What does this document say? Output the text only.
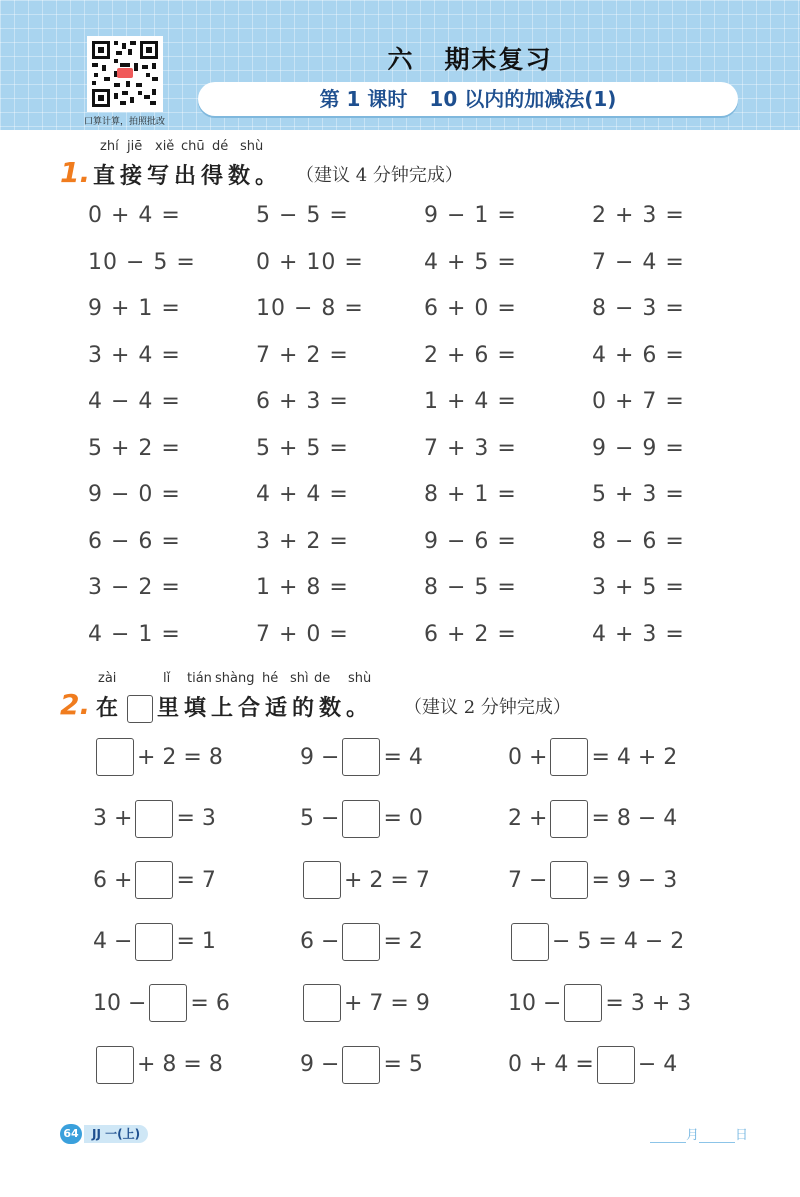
口算计算，拍照批改
六 期末复习
第 1 课时 10 以内的加减法(1)
zhí jiē xiě chū dé shù
1. 直接写出得数。 （建议 4 分钟完成）
0 + 4 =	5 − 5 =	9 − 1 =	2 + 3 =
10 − 5 =	0 + 10 =	4 + 5 =	7 − 4 =
9 + 1 =	10 − 8 =	6 + 0 =	8 − 3 =
3 + 4 =	7 + 2 =	2 + 6 =	4 + 6 =
4 − 4 =	6 + 3 =	1 + 4 =	0 + 7 =
5 + 2 =	5 + 5 =	7 + 3 =	9 − 9 =
9 − 0 =	4 + 4 =	8 + 1 =	5 + 3 =
6 − 6 =	3 + 2 =	9 − 6 =	8 − 6 =
3 − 2 =	1 + 8 =	8 − 5 =	3 + 5 =
4 − 1 =	7 + 0 =	6 + 2 =	4 + 3 =
zài	lǐ tián shàng hé shì de shù
2. 在 里填上合适的数。 （建议 2 分钟完成）
+ 2 = 8	9 − = 4	0 + = 4 + 2
3 + = 3	5 − = 0	2 + = 8 − 4
6 + = 7	+ 2 = 7	7 − = 9 − 3
4 − = 1	6 − = 2	− 5 = 4 − 2
10 − = 6	+ 7 = 9	10 − = 3 + 3
+ 8 = 8	9 − = 5	0 + 4 = − 4
64	JJ 一(上)	月	日
